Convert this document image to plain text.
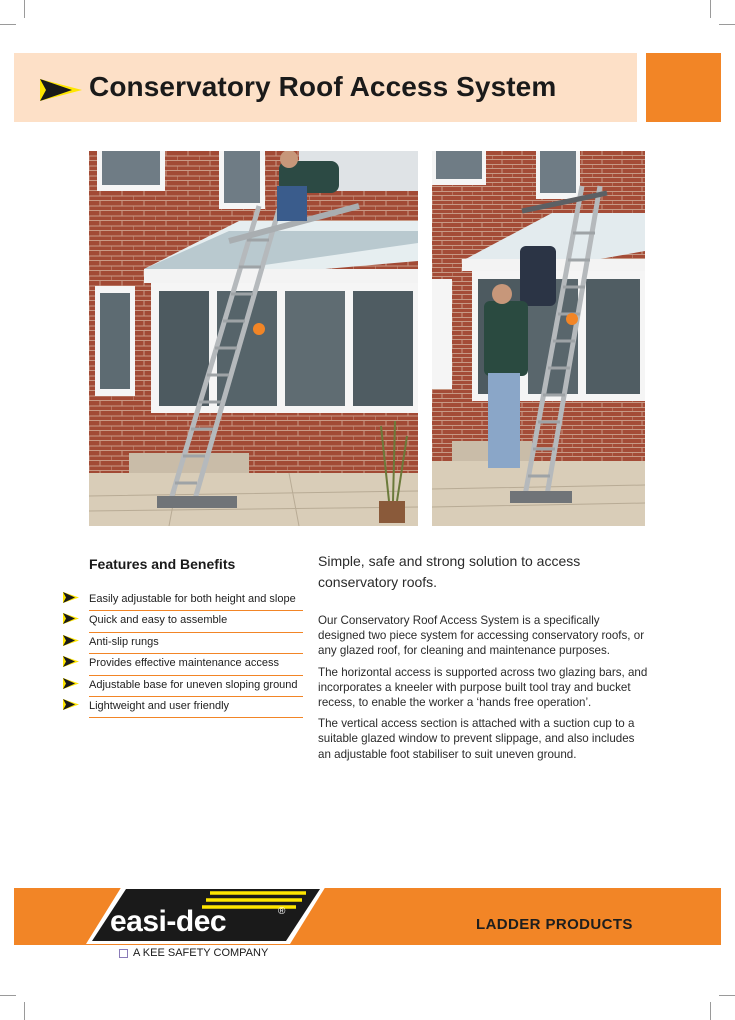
Conservatory Roof Access System
Features and Benefits
Easily adjustable for both height and slope
Quick and easy to assemble
Anti-slip rungs
Provides effective maintenance access
Adjustable base for uneven sloping ground
Lightweight and user friendly

Simple, safe and strong solution to access conservatory roofs.

Our Conservatory Roof Access System is a specifically designed two piece system for accessing conservatory roofs, or any glazed roof, for cleaning and maintenance purposes.

The horizontal access is supported across two glazing bars, and incorporates a kneeler with purpose built tool tray and bucket recess, to enable the worker a ‘hands free operation’.

The vertical access section is attached with a suction cup to a suitable glazed window to prevent slippage, and also includes an adjustable foot stabiliser to suit uneven ground.

easi-dec	®

A KEE SAFETY COMPANY

LADDER PRODUCTS
